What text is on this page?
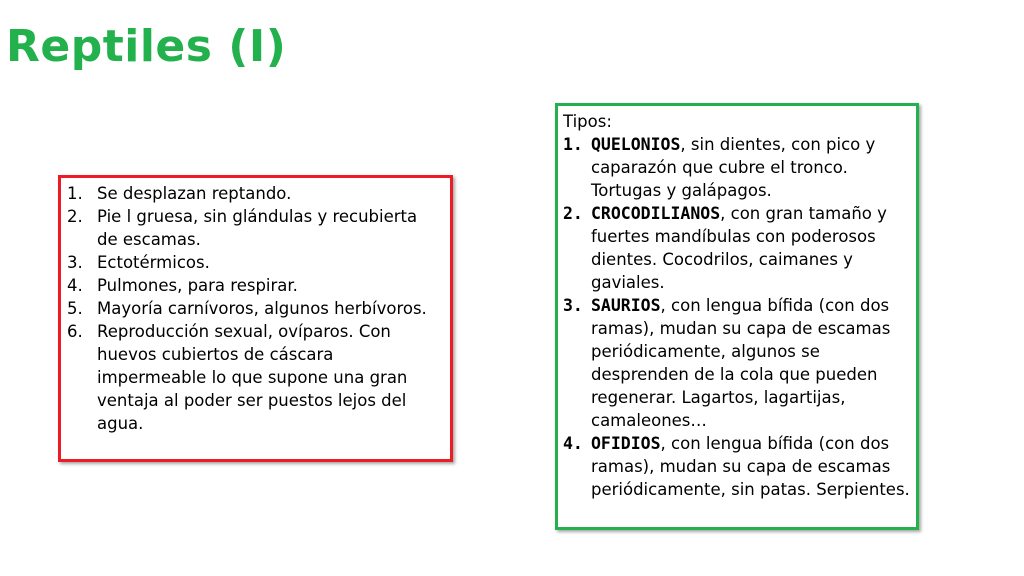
Reptiles (I)
1. Se desplazan reptando.
2. Pie l gruesa, sin glándulas y recubierta de escamas.
3. Ectotérmicos.
4. Pulmones, para respirar.
5. Mayoría carnívoros, algunos herbívoros.
6. Reproducción sexual, ovíparos. Con huevos cubiertos de cáscara impermeable lo que supone una gran ventaja al poder ser puestos lejos del agua.
Tipos:
1. QUELONIOS, sin dientes, con pico y caparazón que cubre el tronco. Tortugas y galápagos.
2. CROCODILIANOS, con gran tamaño y fuertes mandíbulas con poderosos dientes. Cocodrilos, caimanes y gaviales.
3. SAURIOS, con lengua bífida (con dos ramas), mudan su capa de escamas periódicamente, algunos se desprenden de la cola que pueden regenerar. Lagartos, lagartijas, camaleones…
4. OFIDIOS, con lengua bífida (con dos ramas), mudan su capa de escamas periódicamente, sin patas. Serpientes.
